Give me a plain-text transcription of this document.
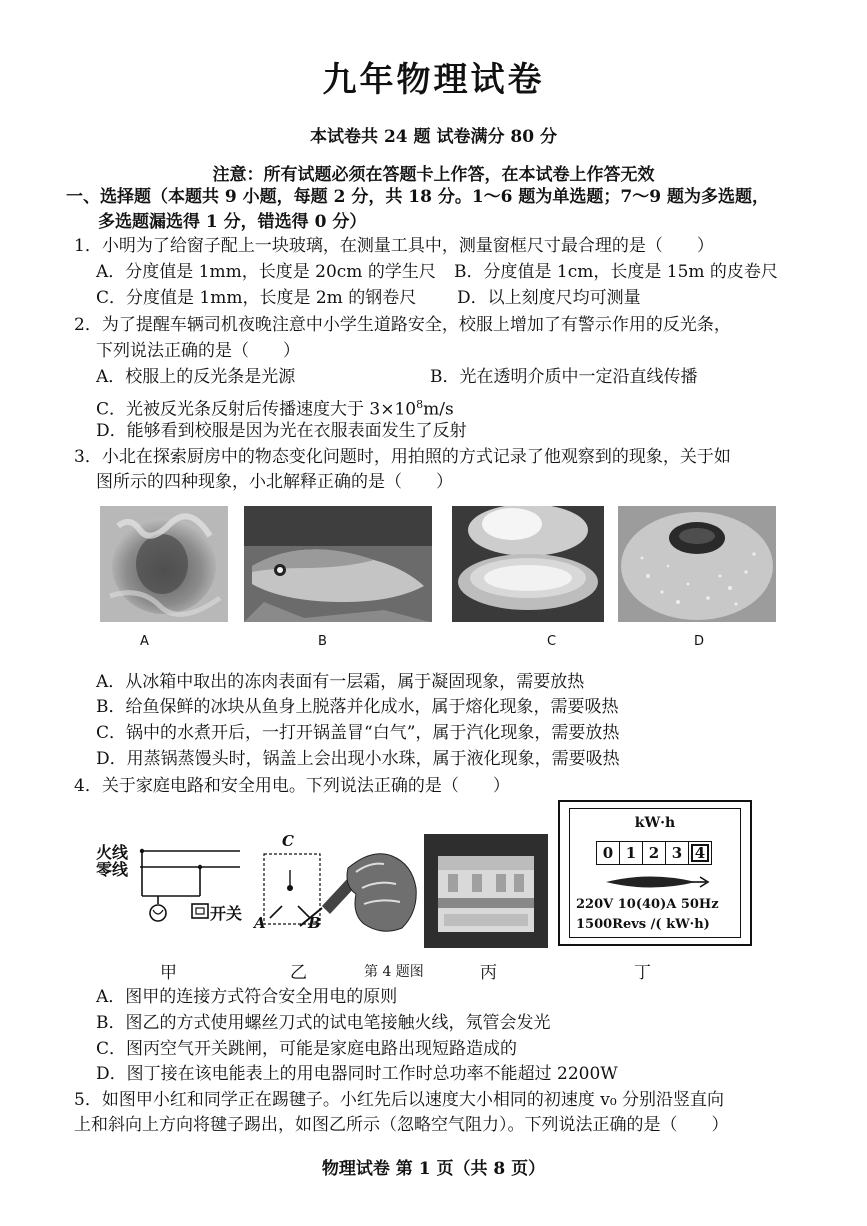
九年物理试卷
本试卷共 24 题 试卷满分 80 分
注意：所有试题必须在答题卡上作答，在本试卷上作答无效
一、选择题（本题共 9 小题，每题 2 分，共 18 分。1～6 题为单选题；7～9 题为多选题，
多选题漏选得 1 分，错选得 0 分）
1．小明为了给窗子配上一块玻璃，在测量工具中，测量窗框尺寸最合理的是（　　）
A．分度值是 1mm，长度是 20cm 的学生尺 B．分度值是 1cm，长度是 15m 的皮卷尺
C．分度值是 1mm，长度是 2m 的钢卷尺 D．以上刻度尺均可测量
2．为了提醒车辆司机夜晚注意中小学生道路安全，校服上增加了有警示作用的反光条，
下列说法正确的是（　　）
A．校服上的反光条是光源	B．光在透明介质中一定沿直线传播
C．光被反光条反射后传播速度大于 $3\times 10^8m/s$
D．能够看到校服是因为光在衣服表面发生了反射
3．小北在探索厨房中的物态变化问题时，用拍照的方式记录了他观察到的现象，关于如
图所示的四种现象，小北解释正确的是（　　）
A	B	C	D
A．从冰箱中取出的冻肉表面有一层霜，属于凝固现象，需要放热
B．给鱼保鲜的冰块从鱼身上脱落并化成水，属于熔化现象，需要吸热
C．锅中的水煮开后，一打开锅盖冒“白气”，属于汽化现象，需要放热
D．用蒸锅蒸馒头时，锅盖上会出现小水珠，属于液化现象，需要吸热
4．关于家庭电路和安全用电。下列说法正确的是（　　）
火线
零线
开关
C
A	B
kW·h
0 1 2 3 4
220V 10(40)A 50Hz
1500Revs /( kW·h)
甲	乙	第 4 题图	丙	丁
A．图甲的连接方式符合安全用电的原则
B．图乙的方式使用螺丝刀式的试电笔接触火线，氖管会发光
C．图丙空气开关跳闸，可能是家庭电路出现短路造成的
D．图丁接在该电能表上的用电器同时工作时总功率不能超过 2200W
5．如图甲小红和同学正在踢毽子。小红先后以速度大小相同的初速度 v₀ 分别沿竖直向
上和斜向上方向将毽子踢出，如图乙所示（忽略空气阻力）。下列说法正确的是（　　）
物理试卷 第 1 页（共 8 页）
